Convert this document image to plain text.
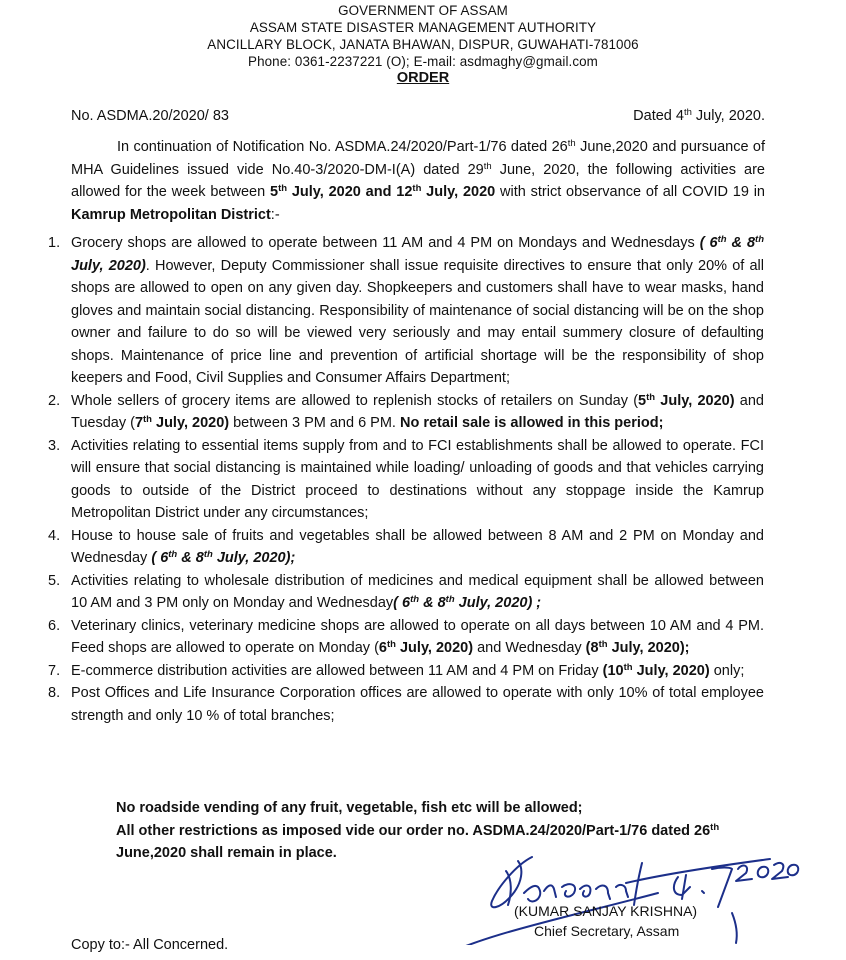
GOVERNMENT OF ASSAM
ASSAM STATE DISASTER MANAGEMENT AUTHORITY
ANCILLARY BLOCK, JANATA BHAWAN, DISPUR, GUWAHATI-781006
Phone: 0361-2237221 (O); E-mail: asdmaghy@gmail.com
ORDER
No. ASDMA.20/2020/ 83	Dated 4th July, 2020.

In continuation of Notification No. ASDMA.24/2020/Part-1/76 dated 26th June,2020 and pursuance of MHA Guidelines issued vide No.40-3/2020-DM-I(A) dated 29th June, 2020, the following activities are allowed for the week between 5th July, 2020 and 12th July, 2020 with strict observance of all COVID 19 in Kamrup Metropolitan District:-

1. Grocery shops are allowed to operate between 11 AM and 4 PM on Mondays and Wednesdays ( 6th & 8th July, 2020). However, Deputy Commissioner shall issue requisite directives to ensure that only 20% of all shops are allowed to open on any given day. Shopkeepers and customers shall have to wear masks, hand gloves and maintain social distancing. Responsibility of maintenance of social distancing will be on the shop owner and failure to do so will be viewed very seriously and may entail summery closure of defaulting shops. Maintenance of price line and prevention of artificial shortage will be the responsibility of shop keepers and Food, Civil Supplies and Consumer Affairs Department;
2. Whole sellers of grocery items are allowed to replenish stocks of retailers on Sunday (5th July, 2020) and Tuesday (7th July, 2020) between 3 PM and 6 PM. No retail sale is allowed in this period;
3. Activities relating to essential items supply from and to FCI establishments shall be allowed to operate. FCI will ensure that social distancing is maintained while loading/ unloading of goods and that vehicles carrying goods to outside of the District proceed to destinations without any stoppage inside the Kamrup Metropolitan District under any circumstances;
4. House to house sale of fruits and vegetables shall be allowed between 8 AM and 2 PM on Monday and Wednesday ( 6th & 8th July, 2020);
5. Activities relating to wholesale distribution of medicines and medical equipment shall be allowed between 10 AM and 3 PM only on Monday and Wednesday( 6th & 8th July, 2020) ;
6. Veterinary clinics, veterinary medicine shops are allowed to operate on all days between 10 AM and 4 PM. Feed shops are allowed to operate on Monday (6th July, 2020) and Wednesday (8th July, 2020);
7. E-commerce distribution activities are allowed between 11 AM and 4 PM on Friday (10th July, 2020) only;
8. Post Offices and Life Insurance Corporation offices are allowed to operate with only 10% of total employee strength and only 10 % of total branches;

No roadside vending of any fruit, vegetable, fish etc will be allowed;

All other restrictions as imposed vide our order no. ASDMA.24/2020/Part-1/76 dated 26th June,2020 shall remain in place.

(KUMAR SANJAY KRISHNA)
Chief Secretary, Assam
Copy to:- All Concerned.
